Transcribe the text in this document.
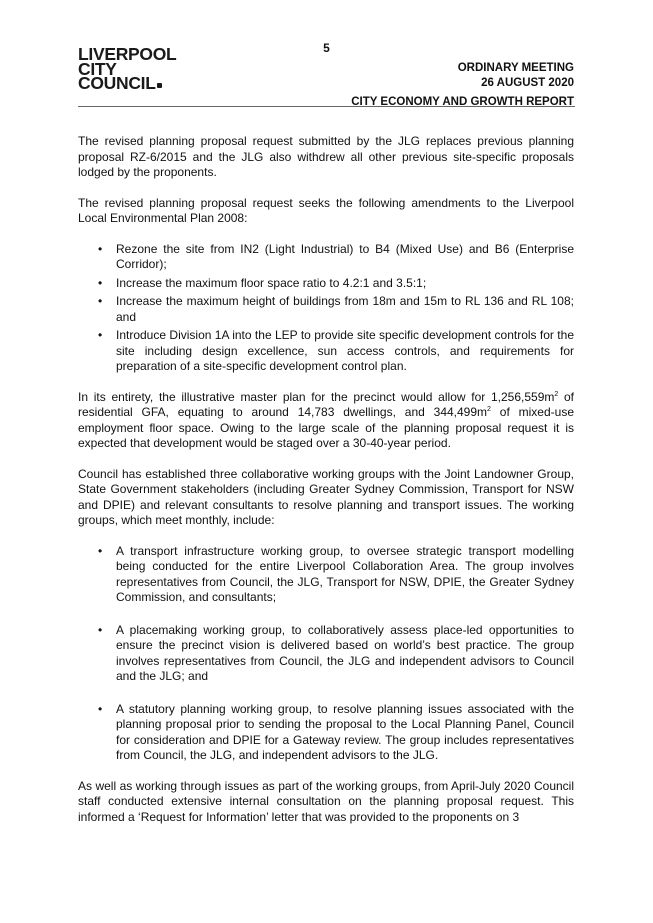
5
LIVERPOOL
CITY
COUNCIL
ORDINARY MEETING
26 AUGUST 2020
CITY ECONOMY AND GROWTH REPORT

The revised planning proposal request submitted by the JLG replaces previous planning proposal RZ-6/2015 and the JLG also withdrew all other previous site-specific proposals lodged by the proponents.

The revised planning proposal request seeks the following amendments to the Liverpool Local Environmental Plan 2008:

• Rezone the site from IN2 (Light Industrial) to B4 (Mixed Use) and B6 (Enterprise Corridor);
• Increase the maximum floor space ratio to 4.2:1 and 3.5:1;
• Increase the maximum height of buildings from 18m and 15m to RL 136 and RL 108; and
• Introduce Division 1A into the LEP to provide site specific development controls for the site including design excellence, sun access controls, and requirements for preparation of a site-specific development control plan.

In its entirety, the illustrative master plan for the precinct would allow for $1,256,559m^2$ of residential GFA, equating to around 14,783 dwellings, and $344,499m^2$ of mixed-use employment floor space. Owing to the large scale of the planning proposal request it is expected that development would be staged over a 30-40-year period.

Council has established three collaborative working groups with the Joint Landowner Group, State Government stakeholders (including Greater Sydney Commission, Transport for NSW and DPIE) and relevant consultants to resolve planning and transport issues. The working groups, which meet monthly, include:

• A transport infrastructure working group, to oversee strategic transport modelling being conducted for the entire Liverpool Collaboration Area. The group involves representatives from Council, the JLG, Transport for NSW, DPIE, the Greater Sydney Commission, and consultants;
• A placemaking working group, to collaboratively assess place-led opportunities to ensure the precinct vision is delivered based on world’s best practice. The group involves representatives from Council, the JLG and independent advisors to Council and the JLG; and
• A statutory planning working group, to resolve planning issues associated with the planning proposal prior to sending the proposal to the Local Planning Panel, Council for consideration and DPIE for a Gateway review. The group includes representatives from Council, the JLG, and independent advisors to the JLG.

As well as working through issues as part of the working groups, from April-July 2020 Council staff conducted extensive internal consultation on the planning proposal request. This informed a ‘Request for Information’ letter that was provided to the proponents on 3
